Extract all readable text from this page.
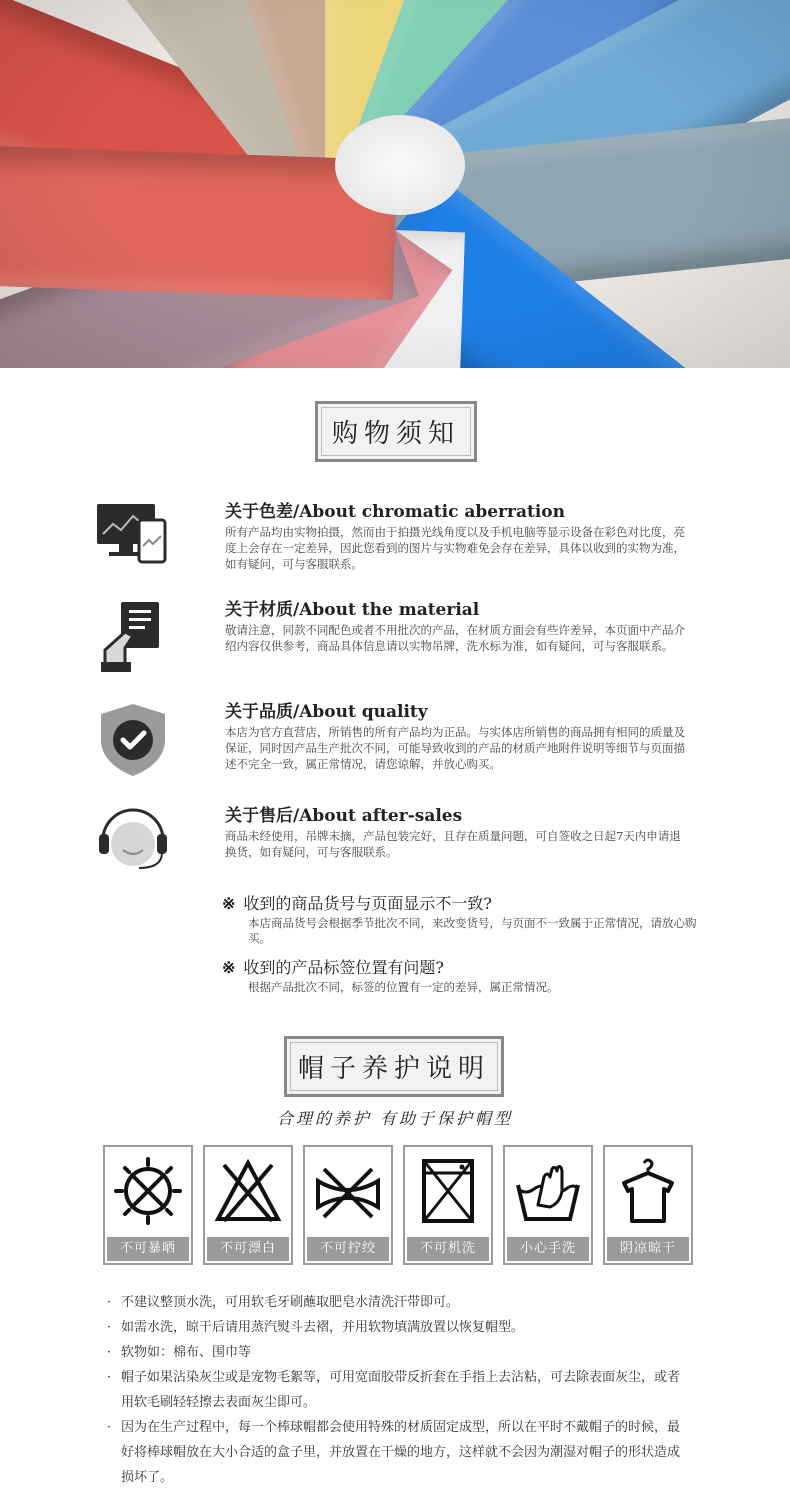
购物须知
关于色差/About chromatic aberration

所有产品均由实物拍摄，然而由于拍摄光线角度以及手机电脑等显示设备在彩色对比度，亮度上会存在一定差异，因此您看到的图片与实物难免会存在差异，具体以收到的实物为准，如有疑问，可与客服联系。

关于材质/About the material

敬请注意，同款不同配色或者不用批次的产品，在材质方面会有些许差异，本页面中产品介绍内容仅供参考，商品具体信息请以实物吊牌，洗水标为准，如有疑问，可与客服联系。

关于品质/About quality

本店为官方直营店，所销售的所有产品均为正品。与实体店所销售的商品拥有相同的质量及保证，同时因产品生产批次不同，可能导致收到的产品的材质产地附件说明等细节与页面描述不完全一致，属正常情况，请您谅解，并放心购买。

关于售后/About after-sales

商品未经使用，吊牌未摘，产品包装完好，且存在质量问题，可自签收之日起7天内申请退换货，如有疑问，可与客服联系。

※ 收到的商品货号与页面显示不一致?
本店商品货号会根据季节批次不同，来改变货号，与页面不一致属于正常情况，请放心购买。
※ 收到的产品标签位置有问题?
根据产品批次不同，标签的位置有一定的差异，属正常情况。
帽子养护说明
合理的养护 有助于保护帽型
不可暴晒	不可漂白	不可拧绞	不可机洗	小心手洗	阴凉晾干
· 不建议整顶水洗，可用软毛牙刷蘸取肥皂水清洗汗带即可。
· 如需水洗，晾干后请用蒸汽熨斗去褶，并用软物填满放置以恢复帽型。
· 软物如：棉布、围巾等
· 帽子如果沾染灰尘或是宠物毛絮等，可用宽面胶带反折套在手指上去沾粘，可去除表面灰尘，或者用软毛刷轻轻擦去表面灰尘即可。
· 因为在生产过程中，每一个棒球帽都会使用特殊的材质固定成型，所以在平时不戴帽子的时候，最好将棒球帽放在大小合适的盒子里，并放置在干燥的地方，这样就不会因为潮湿对帽子的形状造成损坏了。
